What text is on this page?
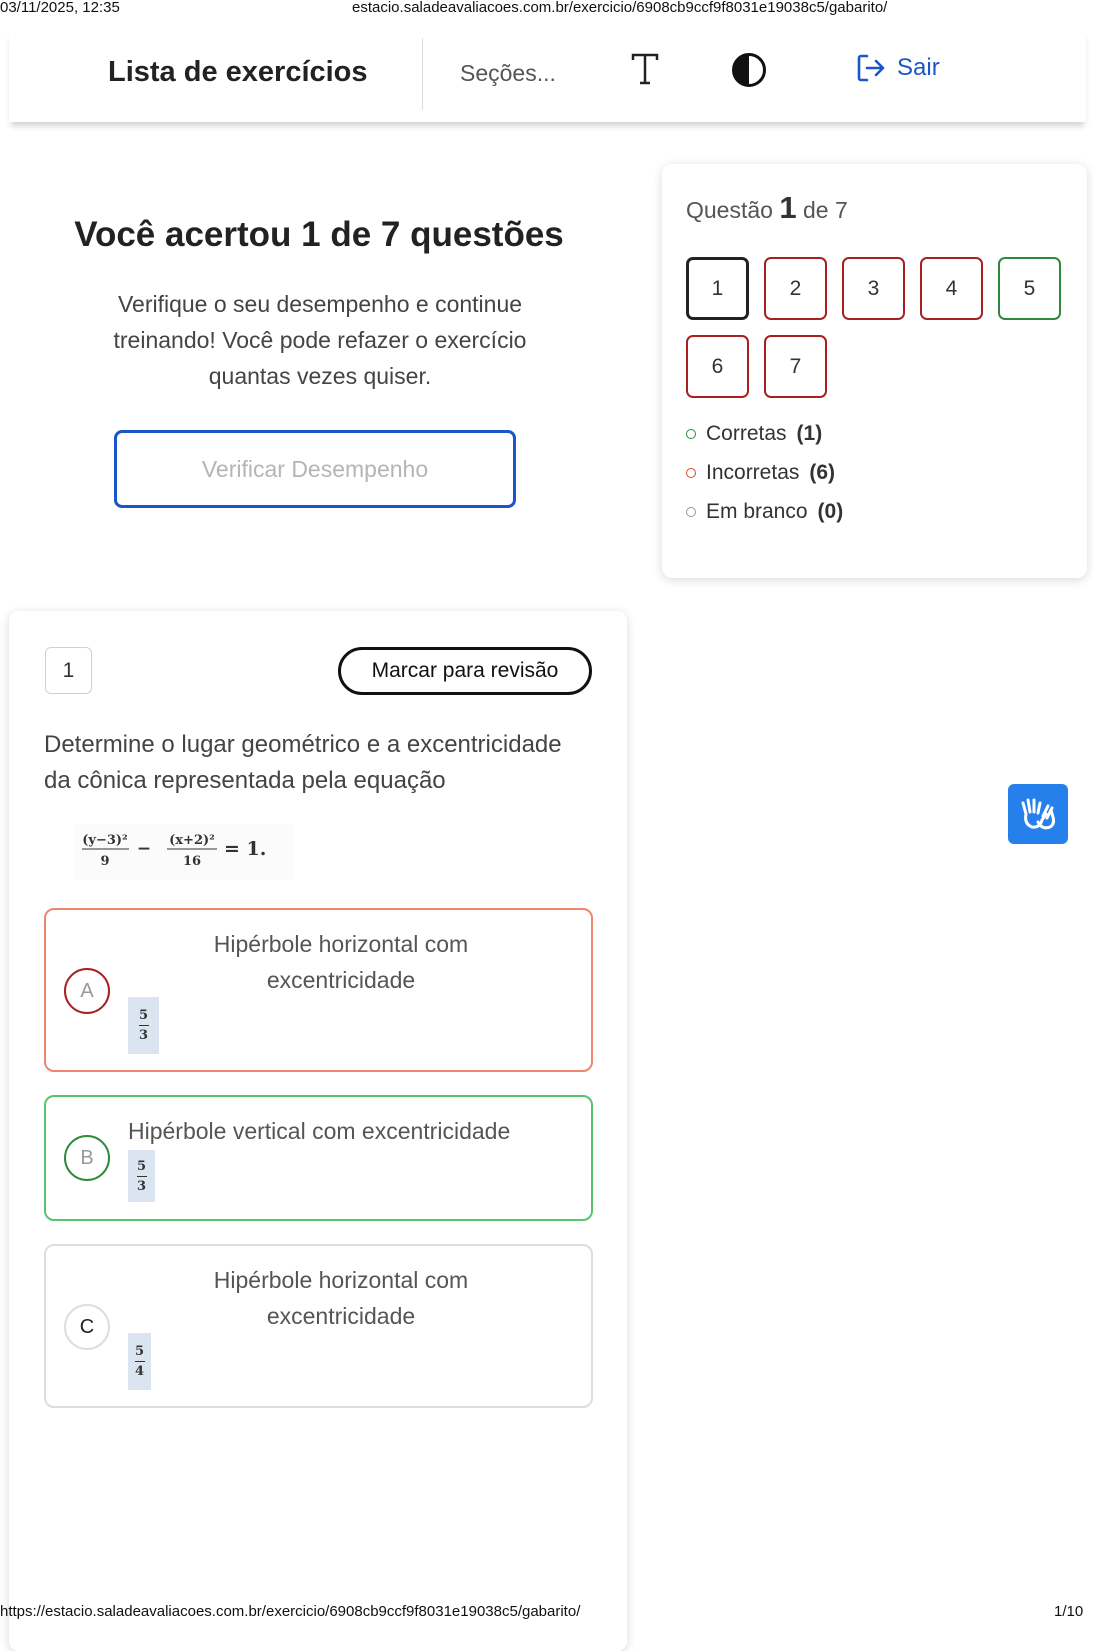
03/11/2025, 12:35	estacio.saladeavaliacoes.com.br/exercicio/6908cb9ccf9f8031e19038c5/gabarito/
Lista de exercícios	Seções...	Sair
Você acertou 1 de 7 questões
Verifique o seu desempenho e continue treinando! Você pode refazer o exercício quantas vezes quiser.
Verificar Desempenho
Questão 1 de 7
1	2	3	4	5
6	7
Corretas (1)
Incorretas (6)
Em branco (0)
1	Marcar para revisão
Determine o lugar geométrico e a excentricidade da cônica representada pela equação
(y−3)²
9
− (x+2)²
16
= 1.
A
Hipérbole horizontal com excentricidade
5
3
B
Hipérbole vertical com excentricidade
5
3
C
Hipérbole horizontal com excentricidade
5
4
https://estacio.saladeavaliacoes.com.br/exercicio/6908cb9ccf9f8031e19038c5/gabarito/	1/10
